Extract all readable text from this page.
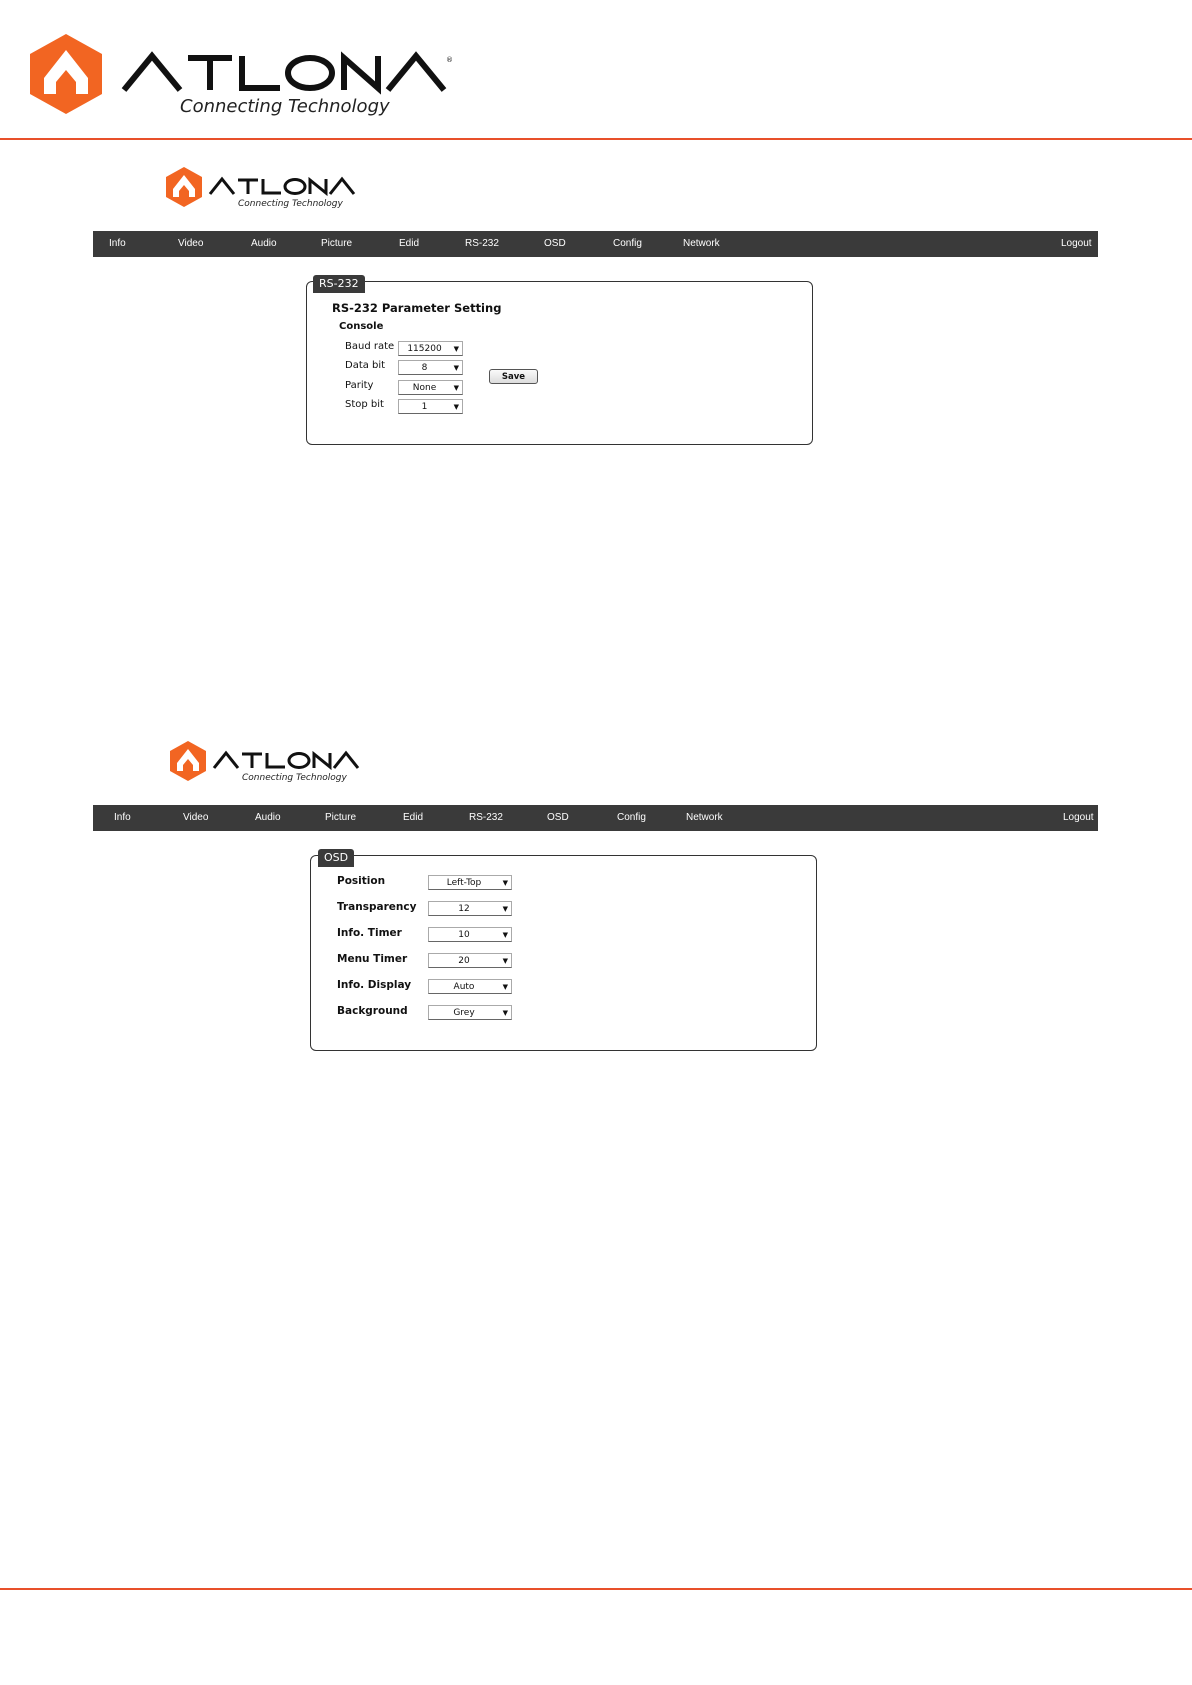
®
Connecting Technology
Connecting Technology
Info	Video	Audio	Picture	Edid	RS-232	OSD	Config	Network	Logout
RS-232
RS-232 Parameter Setting
Console
Baud rate	115200	▼
Data bit	8	▼
Parity	None	▼
Stop bit	1	▼
Save
Connecting Technology
Info	Video	Audio	Picture	Edid	RS-232	OSD	Config	Network	Logout
OSD
Position	Left-Top	▼
Transparency	12	▼
Info. Timer	10	▼
Menu Timer	20	▼
Info. Display	Auto	▼
Background	Grey	▼
